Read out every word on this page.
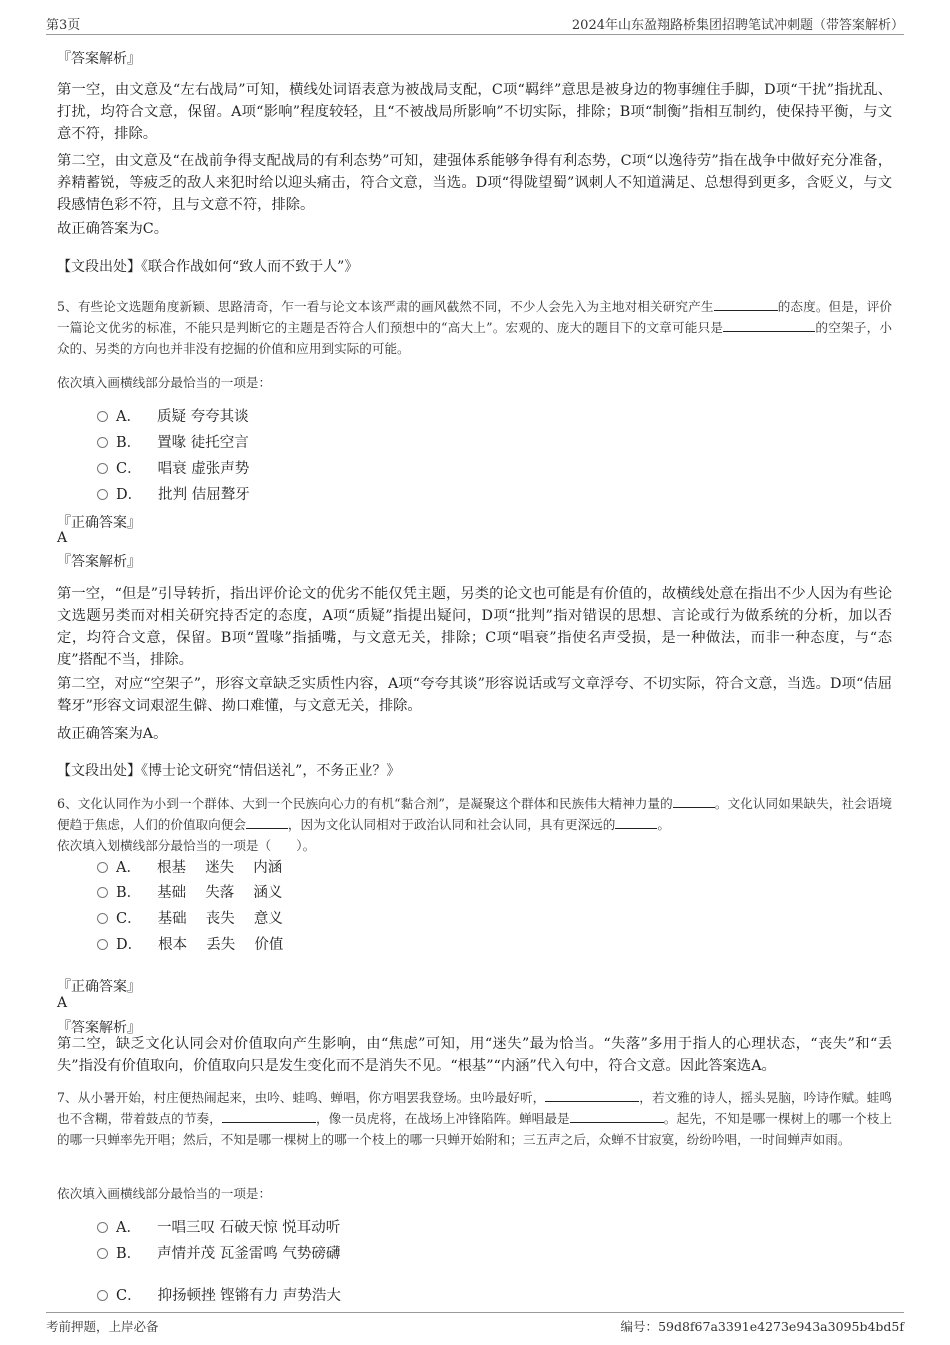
第3页	2024年山东盈翔路桥集团招聘笔试冲刺题（带答案解析）
『答案解析』
第一空，由文意及“左右战局”可知，横线处词语表意为被战局支配，C项“羁绊”意思是被身边的物事缠住手脚，D项“干扰”指扰乱、打扰，均符合文意，保留。A项“影响”程度较轻，且“不被战局所影响”不切实际，排除；B项“制衡”指相互制约，使保持平衡，与文意不符，排除。
第二空，由文意及“在战前争得支配战局的有利态势”可知，建强体系能够争得有利态势，C项“以逸待劳”指在战争中做好充分准备，养精蓄锐，等疲乏的敌人来犯时给以迎头痛击，符合文意，当选。D项“得陇望蜀”讽刺人不知道满足、总想得到更多，含贬义，与文段感情色彩不符，且与文意不符，排除。
故正确答案为C。
【文段出处】《联合作战如何“致人而不致于人”》
5、有些论文选题角度新颖、思路清奇，乍一看与论文本该严肃的画风截然不同，不少人会先入为主地对相关研究产生	的态度。但是，评价一篇论文优劣的标准，不能只是判断它的主题是否符合人们预想中的“高大上”。宏观的、庞大的题目下的文章可能只是	的空架子，小众的、另类的方向也并非没有挖掘的价值和应用到实际的可能。
依次填入画横线部分最恰当的一项是：
A． 质疑 夸夸其谈
B． 置喙 徒托空言
C． 唱衰 虚张声势
D． 批判 佶屈聱牙
『正确答案』
A
『答案解析』
第一空，“但是”引导转折，指出评价论文的优劣不能仅凭主题，另类的论文也可能是有价值的，故横线处意在指出不少人因为有些论文选题另类而对相关研究持否定的态度，A项“质疑”指提出疑问，D项“批判”指对错误的思想、言论或行为做系统的分析，加以否定，均符合文意，保留。B项“置喙”指插嘴，与文意无关，排除；C项“唱衰”指使名声受损，是一种做法，而非一种态度，与“态度”搭配不当，排除。
第二空，对应“空架子”，形容文章缺乏实质性内容，A项“夸夸其谈”形容说话或写文章浮夸、不切实际，符合文意，当选。D项“佶屈聱牙”形容文词艰涩生僻、拗口难懂，与文意无关，排除。
故正确答案为A。
【文段出处】《博士论文研究“情侣送礼”，不务正业？》
6、文化认同作为小到一个群体、大到一个民族向心力的有机“黏合剂”，是凝聚这个群体和民族伟大精神力量的	。文化认同如果缺失，社会语境便趋于焦虑，人们的价值取向便会	，因为文化认同相对于政治认同和社会认同，具有更深远的	。
依次填入划横线部分最恰当的一项是（　　）。
A． 根基　 迷失　 内涵
B． 基础　 失落　 涵义
C． 基础　 丧失　 意义
D． 根本　 丢失　 价值
『正确答案』
A
『答案解析』
第二空，缺乏文化认同会对价值取向产生影响，由“焦虑”可知，用“迷失”最为恰当。“失落”多用于指人的心理状态，“丧失”和“丢失”指没有价值取向，价值取向只是发生变化而不是消失不见。“根基”“内涵”代入句中，符合文意。因此答案选A。
7、从小暑开始，村庄便热闹起来，虫吟、蛙鸣、蝉唱，你方唱罢我登场。虫吟最好听，	，若文雅的诗人，摇头晃脑，吟诗作赋。蛙鸣也不含糊，带着鼓点的节奏，	，像一员虎将，在战场上冲锋陷阵。蝉唱最是	。起先，不知是哪一棵树上的哪一个枝上的哪一只蝉率先开唱；然后，不知是哪一棵树上的哪一个枝上的哪一只蝉开始附和；三五声之后，众蝉不甘寂寞，纷纷吟唱，一时间蝉声如雨。
依次填入画横线部分最恰当的一项是：
A． 一唱三叹 石破天惊 悦耳动听
B． 声情并茂 瓦釜雷鸣 气势磅礴
C． 抑扬顿挫 铿锵有力 声势浩大
考前押题，上岸必备	编号：59d8f67a3391e4273e943a3095b4bd5f
